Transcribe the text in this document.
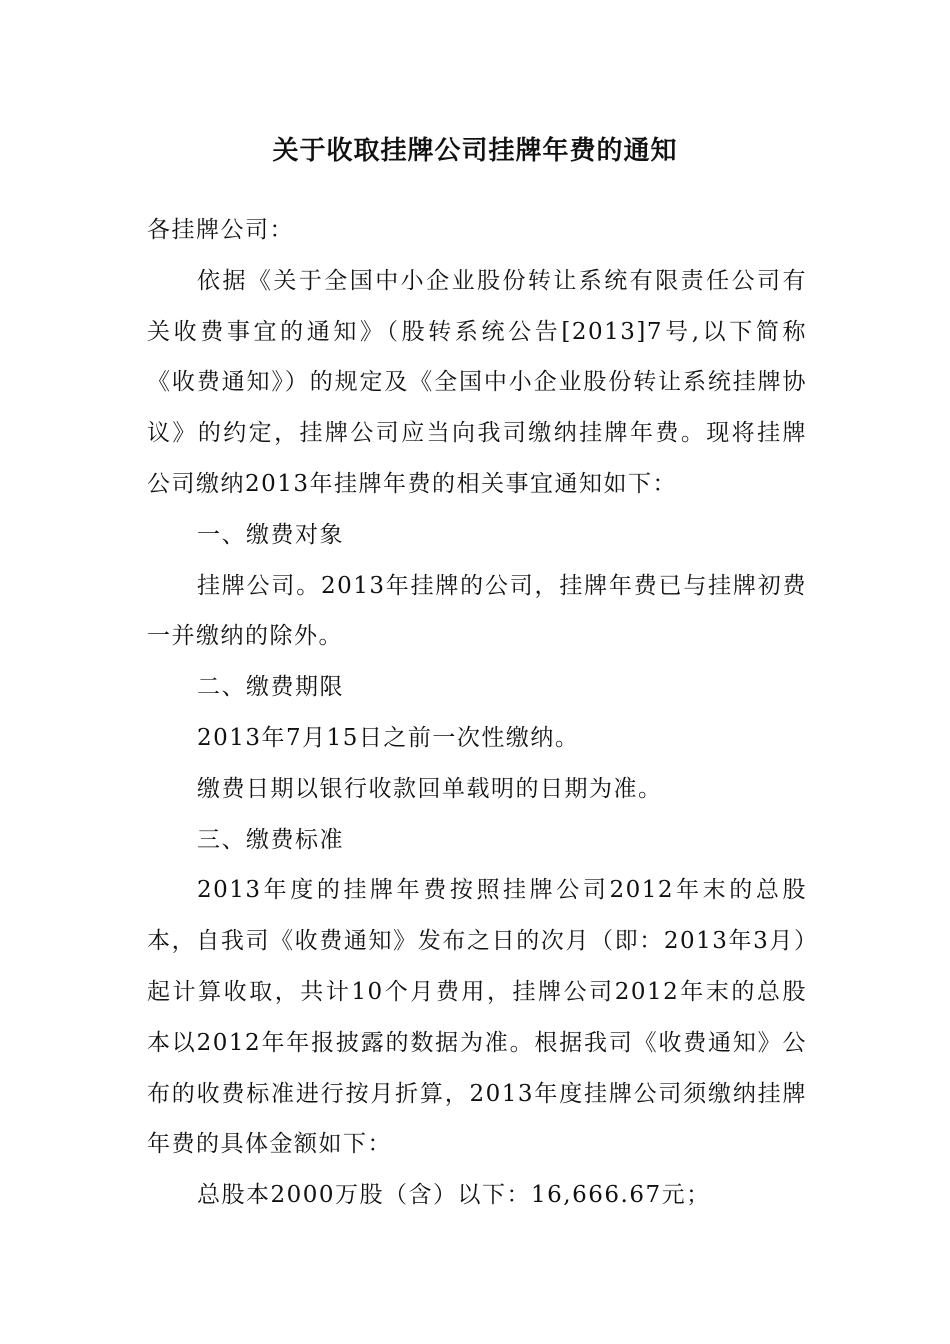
关于收取挂牌公司挂牌年费的通知

各挂牌公司：

依据《关于全国中小企业股份转让系统有限责任公司有关收费事宜的通知》（股转系统公告[2013]7号,以下简称《收费通知》）的规定及《全国中小企业股份转让系统挂牌协议》的约定，挂牌公司应当向我司缴纳挂牌年费。现将挂牌公司缴纳2013年挂牌年费的相关事宜通知如下：

一、缴费对象

挂牌公司。2013年挂牌的公司，挂牌年费已与挂牌初费一并缴纳的除外。

二、缴费期限

2013年7月15日之前一次性缴纳。

缴费日期以银行收款回单载明的日期为准。

三、缴费标准

2013年度的挂牌年费按照挂牌公司2012年末的总股本，自我司《收费通知》发布之日的次月（即：2013年3月）起计算收取，共计10个月费用，挂牌公司2012年末的总股本以2012年年报披露的数据为准。根据我司《收费通知》公布的收费标准进行按月折算，2013年度挂牌公司须缴纳挂牌年费的具体金额如下：

总股本2000万股（含）以下：16,666.67元；
